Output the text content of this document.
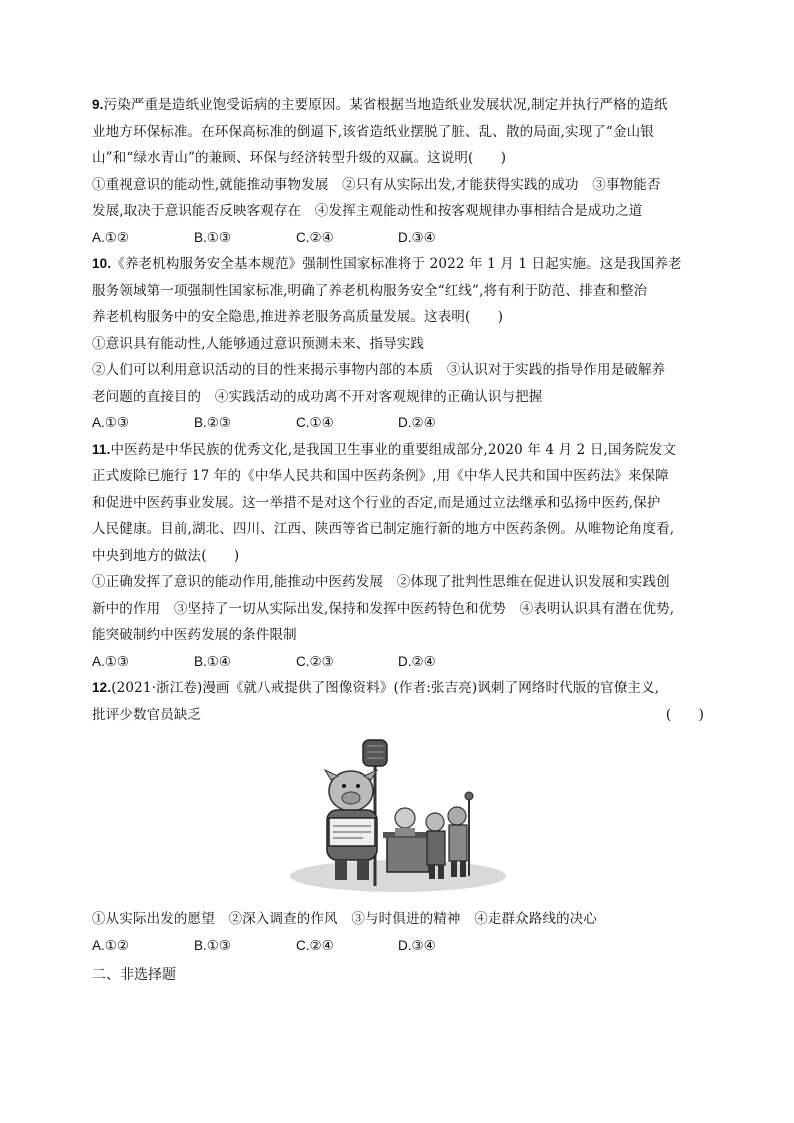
9.污染严重是造纸业饱受诟病的主要原因。某省根据当地造纸业发展状况,制定并执行严格的造纸
业地方环保标准。在环保高标准的倒逼下,该省造纸业摆脱了脏、乱、散的局面,实现了“金山银
山”和“绿水青山”的兼顾、环保与经济转型升级的双赢。这说明(　　)
①重视意识的能动性,就能推动事物发展　②只有从实际出发,才能获得实践的成功　③事物能否
发展,取决于意识能否反映客观存在　④发挥主观能动性和按客观规律办事相结合是成功之道
A.①②	B.①③	C.②④	D.③④
10.《养老机构服务安全基本规范》强制性国家标准将于 2022 年 1 月 1 日起实施。这是我国养老
服务领域第一项强制性国家标准,明确了养老机构服务安全“红线”,将有利于防范、排查和整治
养老机构服务中的安全隐患,推进养老服务高质量发展。这表明(　　)
①意识具有能动性,人能够通过意识预测未来、指导实践
②人们可以利用意识活动的目的性来揭示事物内部的本质　③认识对于实践的指导作用是破解养
老问题的直接目的　④实践活动的成功离不开对客观规律的正确认识与把握
A.①③	B.②③	C.①④	D.②④
11.中医药是中华民族的优秀文化,是我国卫生事业的重要组成部分,2020 年 4 月 2 日,国务院发文
正式废除已施行 17 年的《中华人民共和国中医药条例》,用《中华人民共和国中医药法》来保障
和促进中医药事业发展。这一举措不是对这个行业的否定,而是通过立法继承和弘扬中医药,保护
人民健康。目前,湖北、四川、江西、陕西等省已制定施行新的地方中医药条例。从唯物论角度看,
中央到地方的做法(　　)
①正确发挥了意识的能动作用,能推动中医药发展　②体现了批判性思维在促进认识发展和实践创
新中的作用　③坚持了一切从实际出发,保持和发挥中医药特色和优势　④表明认识具有潜在优势,
能突破制约中医药发展的条件限制
A.①③	B.①④	C.②③	D.②④
12.(2021·浙江卷)漫画《就八戒提供了图像资料》(作者:张吉亮)讽刺了网络时代版的官僚主义,
批评少数官员缺乏	(　　)
①从实际出发的愿望　②深入调查的作风　③与时俱进的精神　④走群众路线的决心
A.①②	B.①③	C.②④	D.③④
二、非选择题
